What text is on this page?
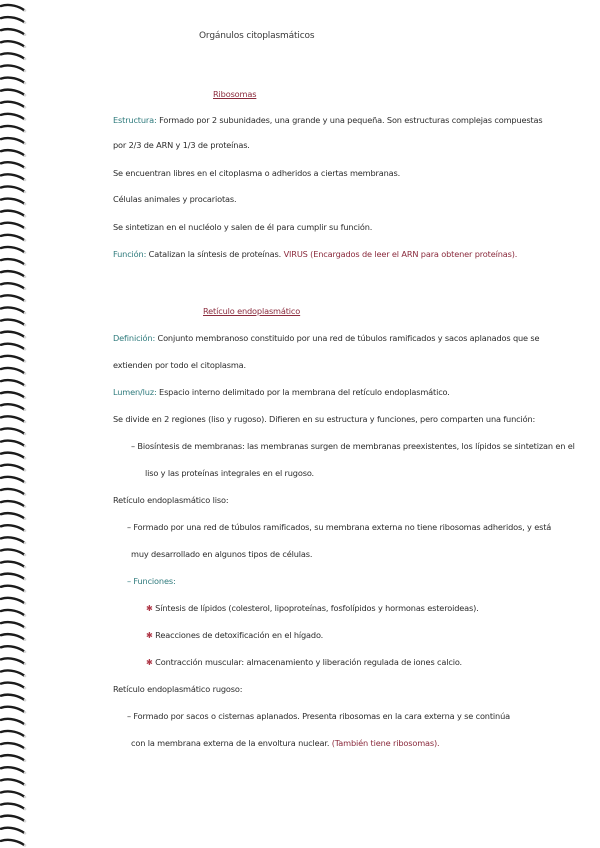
Orgánulos citoplasmáticos
Ribosomas
Estructura: Formado por 2 subunidades, una grande y una pequeña. Son estructuras complejas compuestas
por 2/3 de ARN y 1/3 de proteínas.
Se encuentran libres en el citoplasma o adheridos a ciertas membranas.
Células animales y procariotas.
Se sintetizan en el nucléolo y salen de él para cumplir su función.
Función: Catalizan la síntesis de proteínas. VIRUS (Encargados de leer el ARN para obtener proteínas).
Retículo endoplasmático
Definición: Conjunto membranoso constituido por una red de túbulos ramificados y sacos aplanados que se
extienden por todo el citoplasma.
Lumen/luz: Espacio interno delimitado por la membrana del retículo endoplasmático.
Se divide en 2 regiones (liso y rugoso). Difieren en su estructura y funciones, pero comparten una función:
– Biosíntesis de membranas: las membranas surgen de membranas preexistentes, los lípidos se sintetizan en el
liso y las proteínas integrales en el rugoso.
Retículo endoplasmático liso:
– Formado por una red de túbulos ramificados, su membrana externa no tiene ribosomas adheridos, y está
muy desarrollado en algunos tipos de células.
– Funciones:
✱ Síntesis de lípidos (colesterol, lipoproteínas, fosfolípidos y hormonas esteroideas).
✱ Reacciones de detoxificación en el hígado.
✱ Contracción muscular: almacenamiento y liberación regulada de iones calcio.
Retículo endoplasmático rugoso:
– Formado por sacos o cisternas aplanados. Presenta ribosomas en la cara externa y se continúa
con la membrana externa de la envoltura nuclear. (También tiene ribosomas).
